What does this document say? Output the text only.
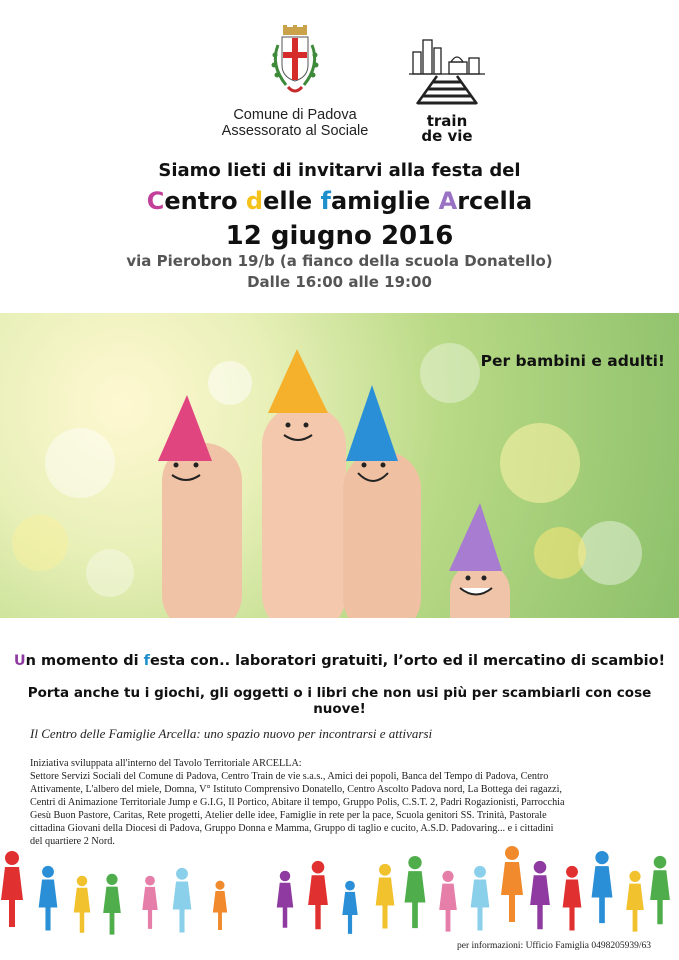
Comune di Padova
Assessorato al Sociale
train
de vie
Siamo lieti di invitarvi alla festa del
Centro delle famiglie Arcella
12 giugno 2016
via Pierobon 19/b (a fianco della scuola Donatello)
Dalle 16:00 alle 19:00
Per bambini e adulti!
Un momento di festa con.. laboratori gratuiti, l’orto ed il mercatino di scambio!
Porta anche tu i giochi, gli oggetti o i libri che non usi più per scambiarli con cose nuove!
Il Centro delle Famiglie Arcella: uno spazio nuovo per incontrarsi e attivarsi
Iniziativa sviluppata all'interno del Tavolo Territoriale ARCELLA:
Settore Servizi Sociali del Comune di Padova, Centro Train de vie s.a.s., Amici dei popoli, Banca del Tempo di Padova, Centro
Attivamente, L'albero del miele, Domna, V° Istituto Comprensivo Donatello, Centro Ascolto Padova nord, La Bottega dei ragazzi,
Centri di Animazione Territoriale Jump e G.I.G, Il Portico, Abitare il tempo, Gruppo Polis, C.S.T. 2, Padri Rogazionisti, Parrocchia
Gesù Buon Pastore, Caritas, Rete progetti, Atelier delle idee, Famiglie in rete per la pace, Scuola genitori SS. Trinità, Pastorale
cittadina Giovani della Diocesi di Padova, Gruppo Donna e Mamma, Gruppo di taglio e cucito, A.S.D. Padovaring... e i cittadini
del quartiere 2 Nord.
per informazioni: Ufficio Famiglia 0498205939/63
